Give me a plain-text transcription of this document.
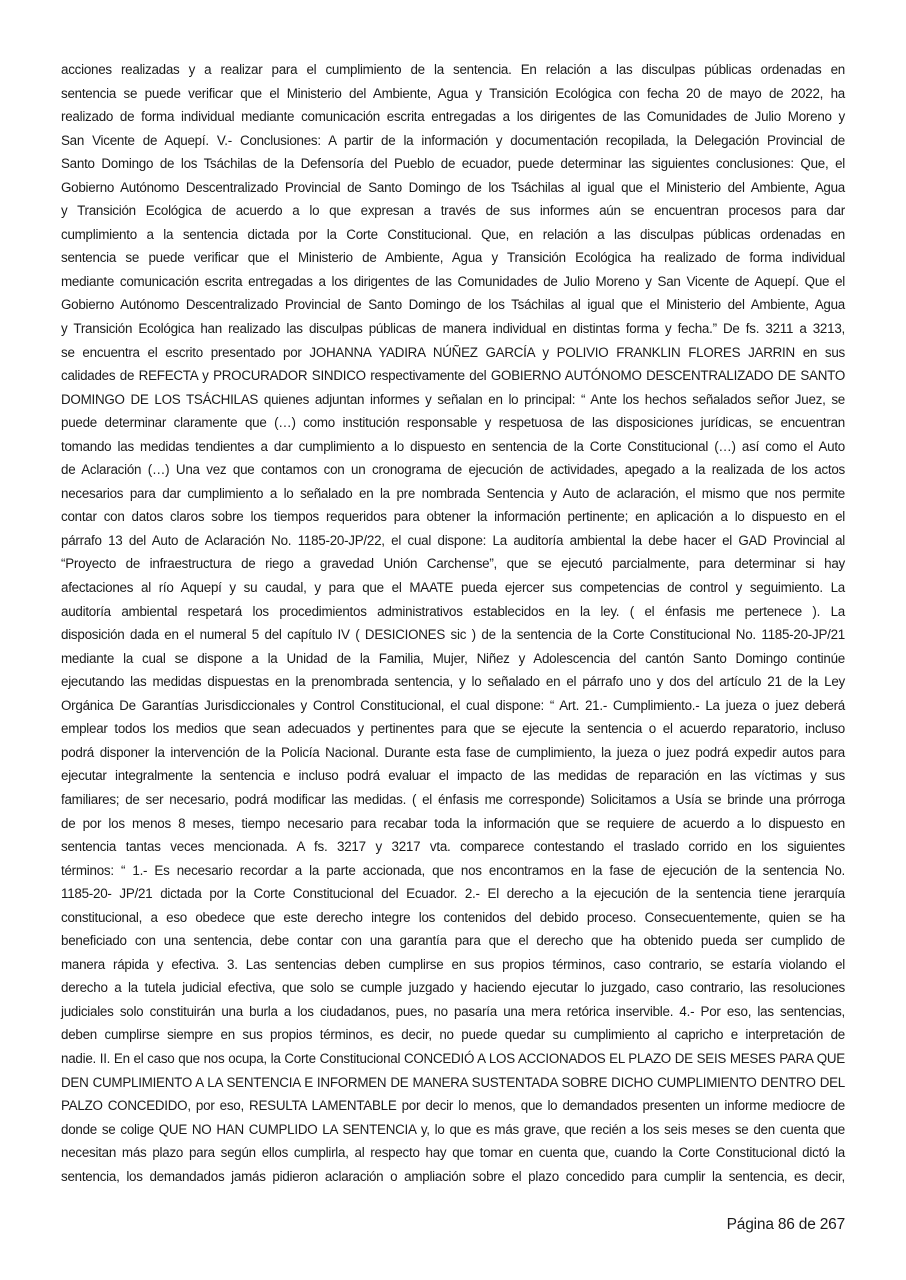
acciones realizadas y a realizar para el cumplimiento de la sentencia. En relación a las disculpas públicas ordenadas en
sentencia se puede verificar que el Ministerio del Ambiente, Agua y Transición Ecológica con fecha 20 de mayo de 2022, ha
realizado de forma individual mediante comunicación escrita entregadas a los dirigentes de las Comunidades de Julio Moreno y
San Vicente de Aquepí. V.- Conclusiones: A partir de la información y documentación recopilada, la Delegación Provincial de
Santo Domingo de los Tsáchilas de la Defensoría del Pueblo de ecuador, puede determinar las siguientes conclusiones: Que, el
Gobierno Autónomo Descentralizado Provincial de Santo Domingo de los Tsáchilas al igual que el Ministerio del Ambiente, Agua
y Transición Ecológica de acuerdo a lo que expresan a través de sus informes aún se encuentran procesos para dar
cumplimiento a la sentencia dictada por la Corte Constitucional. Que, en relación a las disculpas públicas ordenadas en
sentencia se puede verificar que el Ministerio de Ambiente, Agua y Transición Ecológica ha realizado de forma individual
mediante comunicación escrita entregadas a los dirigentes de las Comunidades de Julio Moreno y San Vicente de Aquepí. Que el
Gobierno Autónomo Descentralizado Provincial de Santo Domingo de los Tsáchilas al igual que el Ministerio del Ambiente, Agua
y Transición Ecológica han realizado las disculpas públicas de manera individual en distintas forma y fecha.” De fs. 3211 a 3213,
se encuentra el escrito presentado por JOHANNA YADIRA NÚÑEZ GARCÍA y POLIVIO FRANKLIN FLORES JARRIN en sus
calidades de REFECTA y PROCURADOR SINDICO respectivamente del GOBIERNO AUTÓNOMO DESCENTRALIZADO DE SANTO
DOMINGO DE LOS TSÁCHILAS quienes adjuntan informes y señalan en lo principal: “ Ante los hechos señalados señor Juez, se
puede determinar claramente que (…) como institución responsable y respetuosa de las disposiciones jurídicas, se encuentran
tomando las medidas tendientes a dar cumplimiento a lo dispuesto en sentencia de la Corte Constitucional (…) así como el Auto
de Aclaración (…) Una vez que contamos con un cronograma de ejecución de actividades, apegado a la realizada de los actos
necesarios para dar cumplimiento a lo señalado en la pre nombrada Sentencia y Auto de aclaración, el mismo que nos permite
contar con datos claros sobre los tiempos requeridos para obtener la información pertinente; en aplicación a lo dispuesto en el
párrafo 13 del Auto de Aclaración No. 1185-20-JP/22, el cual dispone: La auditoría ambiental la debe hacer el GAD Provincial al
“Proyecto de infraestructura de riego a gravedad Unión Carchense”, que se ejecutó parcialmente, para determinar si hay
afectaciones al río Aquepí y su caudal, y para que el MAATE pueda ejercer sus competencias de control y seguimiento. La
auditoría ambiental respetará los procedimientos administrativos establecidos en la ley. ( el énfasis me pertenece ). La
disposición dada en el numeral 5 del capítulo IV ( DESICIONES sic ) de la sentencia de la Corte Constitucional No. 1185-20-JP/21
mediante la cual se dispone a la Unidad de la Familia, Mujer, Niñez y Adolescencia del cantón Santo Domingo continúe
ejecutando las medidas dispuestas en la prenombrada sentencia, y lo señalado en el párrafo uno y dos del artículo 21 de la Ley
Orgánica De Garantías Jurisdiccionales y Control Constitucional, el cual dispone: “ Art. 21.- Cumplimiento.- La jueza o juez deberá
emplear todos los medios que sean adecuados y pertinentes para que se ejecute la sentencia o el acuerdo reparatorio, incluso
podrá disponer la intervención de la Policía Nacional. Durante esta fase de cumplimiento, la jueza o juez podrá expedir autos para
ejecutar integralmente la sentencia e incluso podrá evaluar el impacto de las medidas de reparación en las víctimas y sus
familiares; de ser necesario, podrá modificar las medidas. ( el énfasis me corresponde) Solicitamos a Usía se brinde una prórroga
de por los menos 8 meses, tiempo necesario para recabar toda la información que se requiere de acuerdo a lo dispuesto en
sentencia tantas veces mencionada. A fs. 3217 y 3217 vta. comparece contestando el traslado corrido en los siguientes
términos: “ 1.- Es necesario recordar a la parte accionada, que nos encontramos en la fase de ejecución de la sentencia No.
1185-20- JP/21 dictada por la Corte Constitucional del Ecuador. 2.- El derecho a la ejecución de la sentencia tiene jerarquía
constitucional, a eso obedece que este derecho integre los contenidos del debido proceso. Consecuentemente, quien se ha
beneficiado con una sentencia, debe contar con una garantía para que el derecho que ha obtenido pueda ser cumplido de
manera rápida y efectiva. 3. Las sentencias deben cumplirse en sus propios términos, caso contrario, se estaría violando el
derecho a la tutela judicial efectiva, que solo se cumple juzgado y haciendo ejecutar lo juzgado, caso contrario, las resoluciones
judiciales solo constituirán una burla a los ciudadanos, pues, no pasaría una mera retórica inservible. 4.- Por eso, las sentencias,
deben cumplirse siempre en sus propios términos, es decir, no puede quedar su cumplimiento al capricho e interpretación de
nadie. II. En el caso que nos ocupa, la Corte Constitucional CONCEDIÓ A LOS ACCIONADOS EL PLAZO DE SEIS MESES PARA QUE
DEN CUMPLIMIENTO A LA SENTENCIA E INFORMEN DE MANERA SUSTENTADA SOBRE DICHO CUMPLIMIENTO DENTRO DEL
PALZO CONCEDIDO, por eso, RESULTA LAMENTABLE por decir lo menos, que lo demandados presenten un informe mediocre de
donde se colige QUE NO HAN CUMPLIDO LA SENTENCIA y, lo que es más grave, que recién a los seis meses se den cuenta que
necesitan más plazo para según ellos cumplirla, al respecto hay que tomar en cuenta que, cuando la Corte Constitucional dictó la
sentencia, los demandados jamás pidieron aclaración o ampliación sobre el plazo concedido para cumplir la sentencia, es decir,
Página 86 de 267
